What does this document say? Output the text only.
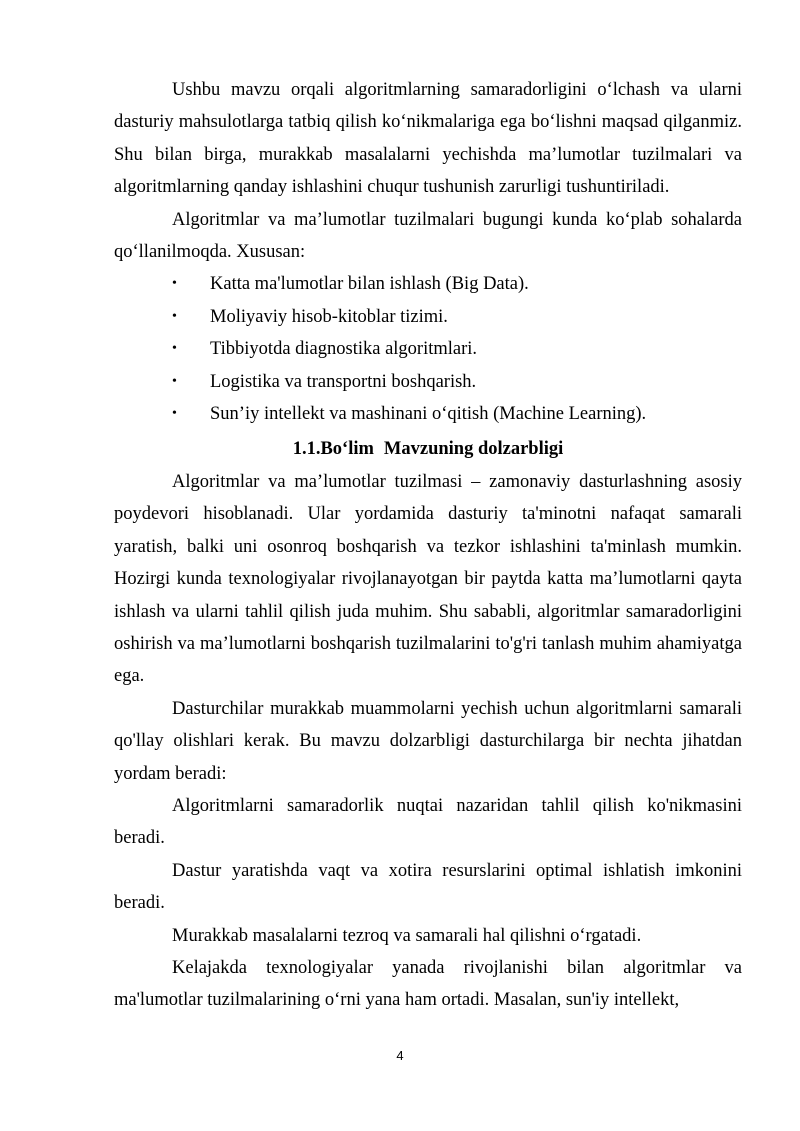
Ushbu mavzu orqali algoritmlarning samaradorligini o‘lchash va ularni dasturiy mahsulotlarga tatbiq qilish ko‘nikmalariga ega bo‘lishni maqsad qilganmiz. Shu bilan birga, murakkab masalalarni yechishda ma’lumotlar tuzilmalari va algoritmlarning qanday ishlashini chuqur tushunish zarurligi tushuntiriladi.

Algoritmlar va ma’lumotlar tuzilmalari bugungi kunda ko‘plab sohalarda qo‘llanilmoqda. Xususan:

• Katta ma'lumotlar bilan ishlash (Big Data).
• Moliyaviy hisob-kitoblar tizimi.
• Tibbiyotda diagnostika algoritmlari.
• Logistika va transportni boshqarish.
• Sun’iy intellekt va mashinani o‘qitish (Machine Learning).
1.1.Bo‘lim Mavzuning dolzarbligi

Algoritmlar va ma’lumotlar tuzilmasi – zamonaviy dasturlashning asosiy poydevori hisoblanadi. Ular yordamida dasturiy ta'minotni nafaqat samarali yaratish, balki uni osonroq boshqarish va tezkor ishlashini ta'minlash mumkin. Hozirgi kunda texnologiyalar rivojlanayotgan bir paytda katta ma’lumotlarni qayta ishlash va ularni tahlil qilish juda muhim. Shu sababli, algoritmlar samaradorligini oshirish va ma’lumotlarni boshqarish tuzilmalarini to'g'ri tanlash muhim ahamiyatga ega.

Dasturchilar murakkab muammolarni yechish uchun algoritmlarni samarali qo'llay olishlari kerak. Bu mavzu dolzarbligi dasturchilarga bir nechta jihatdan yordam beradi:

Algoritmlarni samaradorlik nuqtai nazaridan tahlil qilish ko'nikmasini beradi.

Dastur yaratishda vaqt va xotira resurslarini optimal ishlatish imkonini beradi.

Murakkab masalalarni tezroq va samarali hal qilishni o‘rgatadi.

Kelajakda texnologiyalar yanada rivojlanishi bilan algoritmlar va ma'lumotlar tuzilmalarining o‘rni yana ham ortadi. Masalan, sun'iy intellekt,

4
